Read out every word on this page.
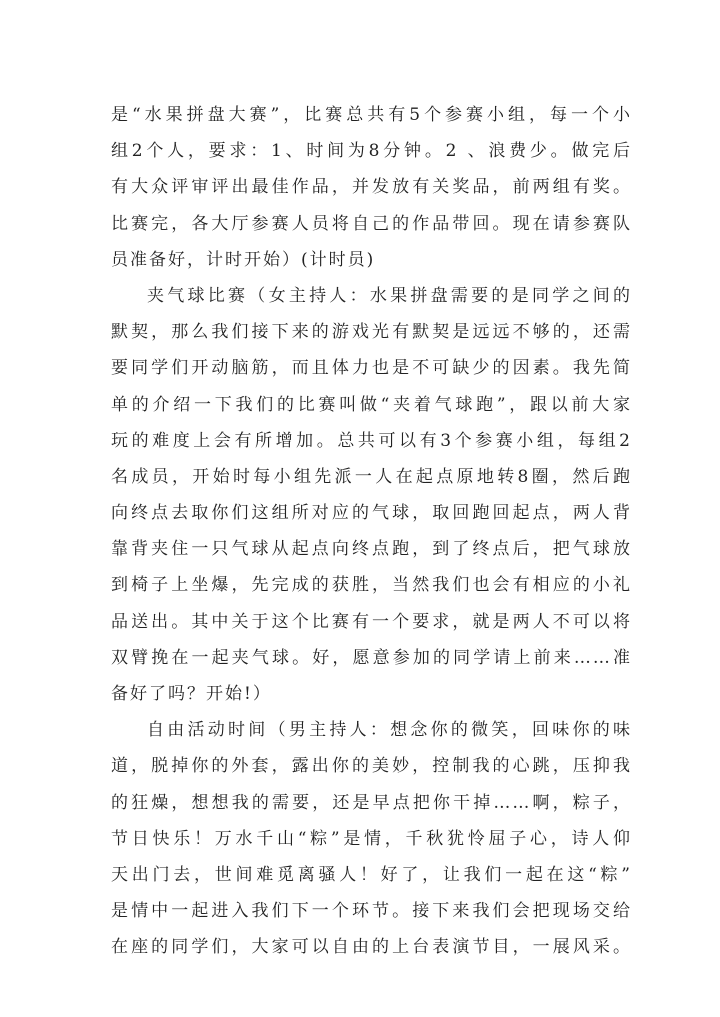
是“水果拼盘大赛”，比赛总共有5个参赛小组，每一个小
组2个人，要求：1、时间为8分钟。2 、浪费少。做完后
有大众评审评出最佳作品，并发放有关奖品，前两组有奖。
比赛完，各大厅参赛人员将自己的作品带回。现在请参赛队
员准备好，计时开始）(计时员)
夹气球比赛（女主持人：水果拼盘需要的是同学之间的
默契，那么我们接下来的游戏光有默契是远远不够的，还需
要同学们开动脑筋，而且体力也是不可缺少的因素。我先简
单的介绍一下我们的比赛叫做“夹着气球跑”，跟以前大家
玩的难度上会有所增加。总共可以有3个参赛小组，每组2
名成员，开始时每小组先派一人在起点原地转8圈，然后跑
向终点去取你们这组所对应的气球，取回跑回起点，两人背
靠背夹住一只气球从起点向终点跑，到了终点后，把气球放
到椅子上坐爆，先完成的获胜，当然我们也会有相应的小礼
品送出。其中关于这个比赛有一个要求，就是两人不可以将
双臂挽在一起夹气球。好，愿意参加的同学请上前来……准
备好了吗？开始!）
自由活动时间（男主持人：想念你的微笑，回味你的味
道，脱掉你的外套，露出你的美妙，控制我的心跳，压抑我
的狂燥，想想我的需要，还是早点把你干掉……啊，粽子，
节日快乐！万水千山“粽”是情，千秋犹怜屈子心，诗人仰
天出门去，世间难觅离骚人！好了，让我们一起在这“粽”
是情中一起进入我们下一个环节。接下来我们会把现场交给
在座的同学们，大家可以自由的上台表演节目，一展风采。
